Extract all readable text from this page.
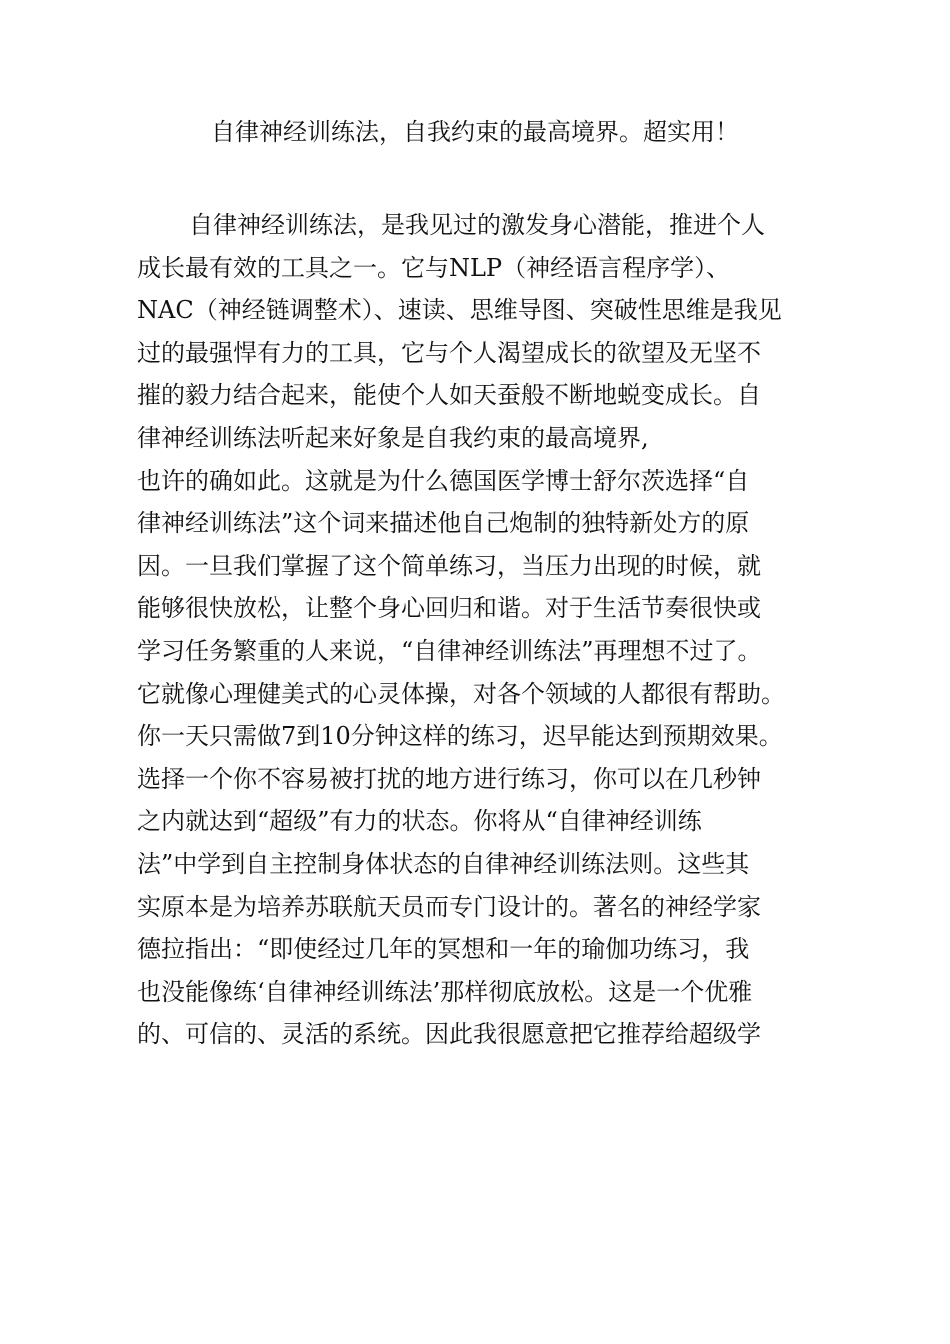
自律神经训练法，自我约束的最高境界。超实用！
自律神经训练法，是我见过的激发身心潜能，推进个人
成长最有效的工具之一。它与NLP（神经语言程序学）、
NAC（神经链调整术）、速读、思维导图、突破性思维是我见
过的最强悍有力的工具，它与个人渴望成长的欲望及无坚不
摧的毅力结合起来，能使个人如天蚕般不断地蜕变成长。自
律神经训练法听起来好象是自我约束的最高境界,
也许的确如此。这就是为什么德国医学博士舒尔茨选择“自
律神经训练法”这个词来描述他自己炮制的独特新处方的原
因。一旦我们掌握了这个简单练习，当压力出现的时候，就
能够很快放松，让整个身心回归和谐。对于生活节奏很快或
学习任务繁重的人来说，“自律神经训练法”再理想不过了。
它就像心理健美式的心灵体操，对各个领域的人都很有帮助。
你一天只需做7到10分钟这样的练习，迟早能达到预期效果。
选择一个你不容易被打扰的地方进行练习，你可以在几秒钟
之内就达到“超级”有力的状态。你将从“自律神经训练
法”中学到自主控制身体状态的自律神经训练法则。这些其
实原本是为培养苏联航天员而专门设计的。著名的神经学家
德拉指出：“即使经过几年的冥想和一年的瑜伽功练习，我
也没能像练‘自律神经训练法’那样彻底放松。这是一个优雅
的、可信的、灵活的系统。因此我很愿意把它推荐给超级学
